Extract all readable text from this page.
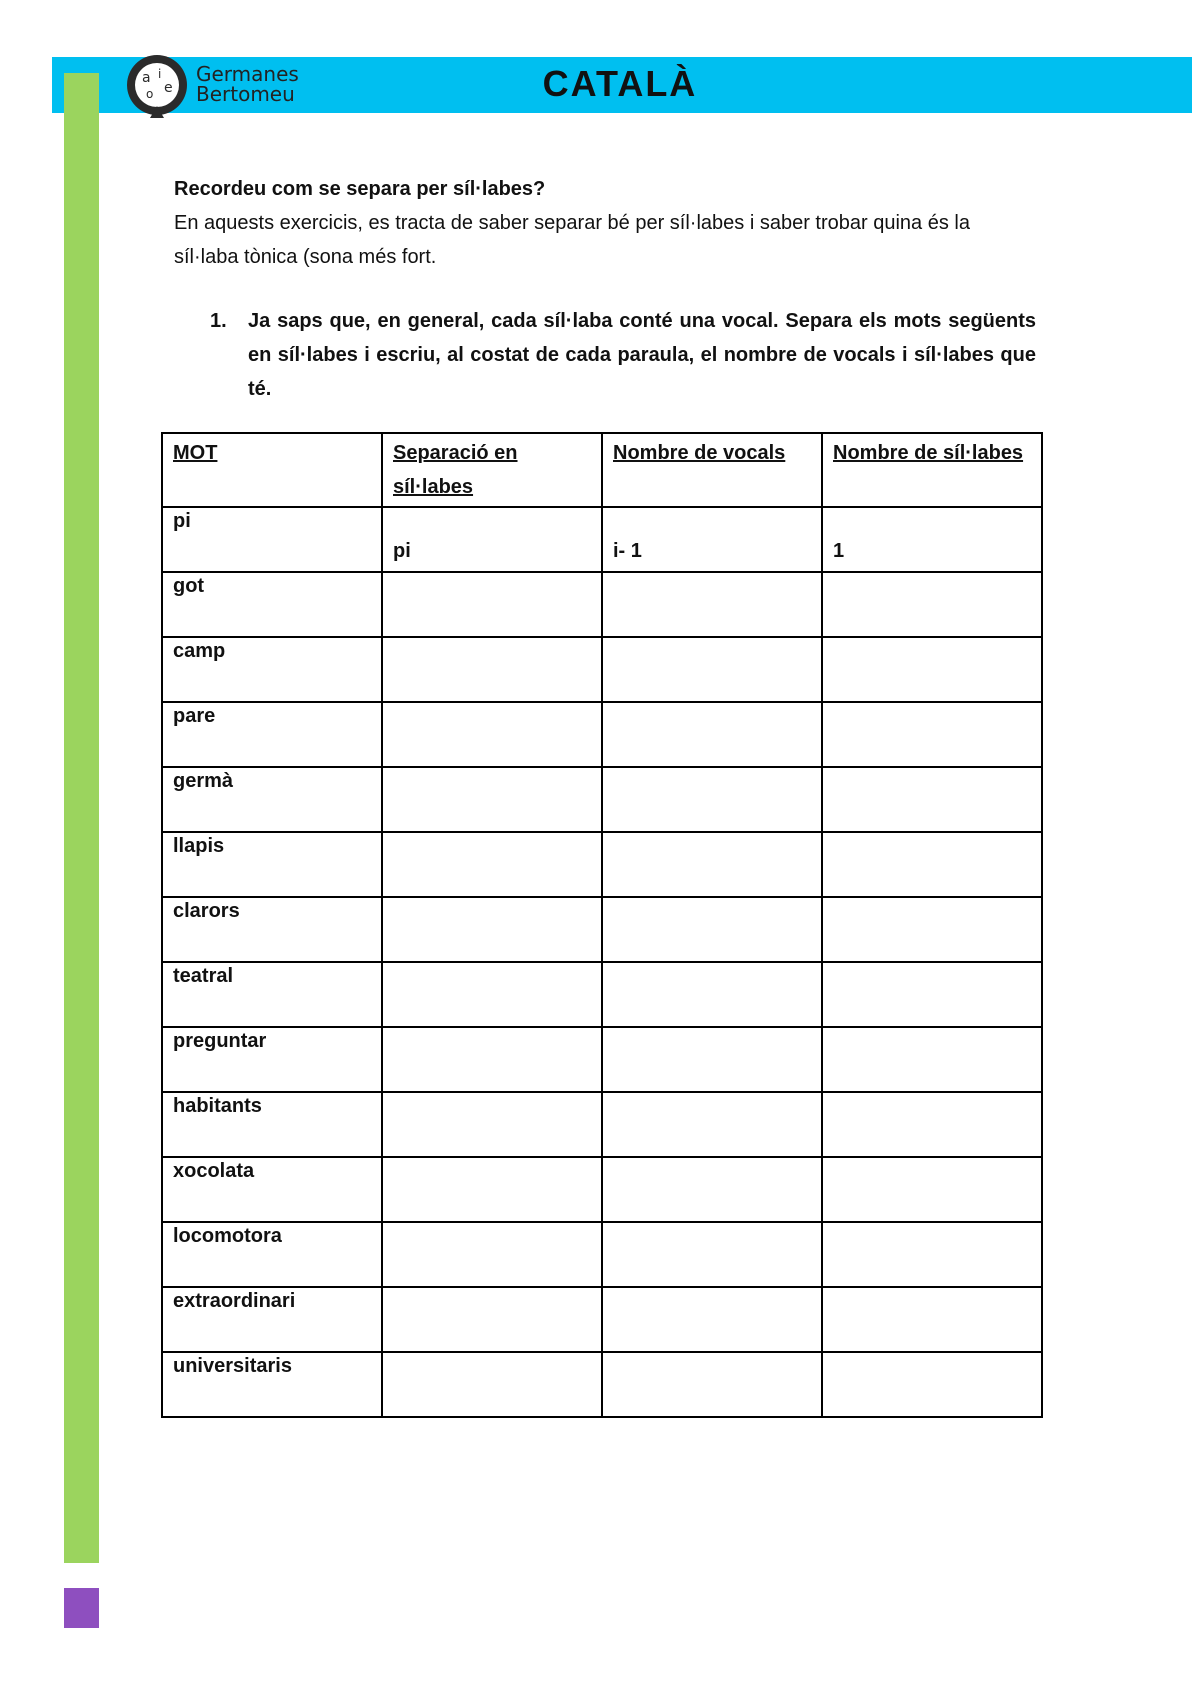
a i
e
o
Germanes
Bertomeu	CATALÀ
Recordeu com se separa per síl·labes?
En aquests exercicis, es tracta de saber separar bé per síl·labes i saber trobar quina és la síl·laba tònica (sona més fort.
1.	Ja saps que, en general, cada síl·laba conté una vocal. Separa els mots següents en síl·labes i escriu, al costat de cada paraula, el nombre de vocals i síl·labes que té.
MOT	Separació en síl·labes	Nombre de vocals	Nombre de síl·labes
pi	pi	i- 1	1
got			
camp			
pare			
germà			
llapis			
clarors			
teatral			
preguntar			
habitants			
xocolata			
locomotora			
extraordinari			
universitaris			
